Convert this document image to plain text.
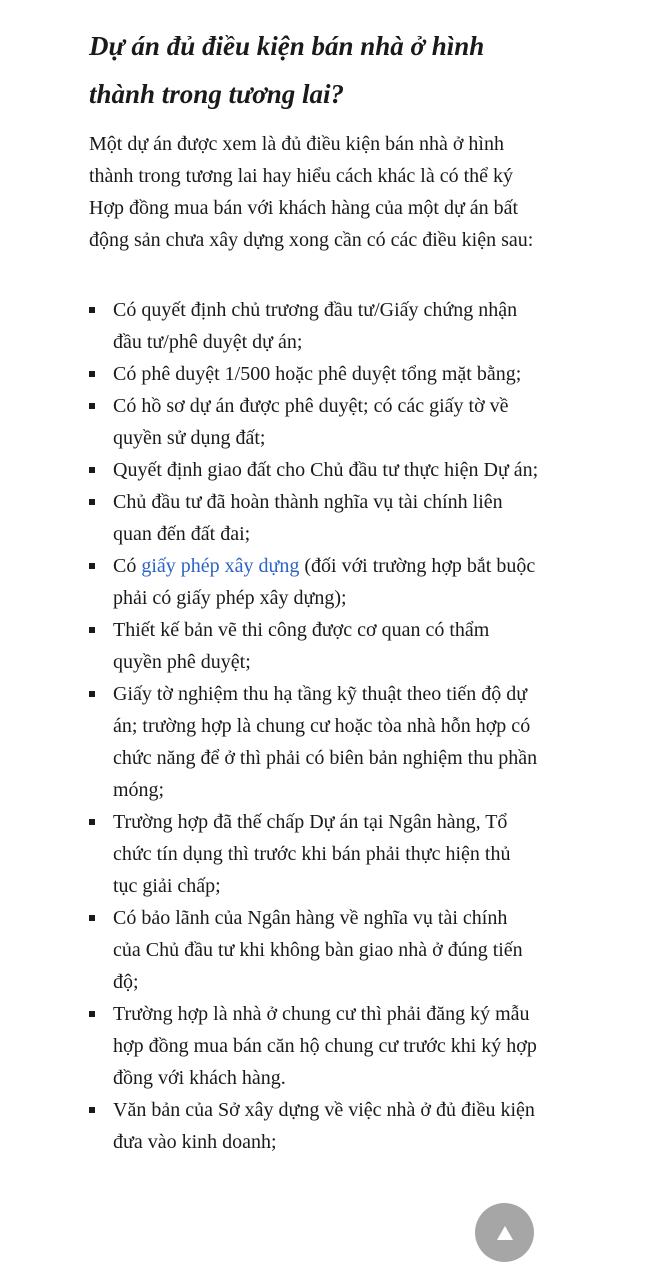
Dự án đủ điều kiện bán nhà ở hình thành trong tương lai?

Một dự án được xem là đủ điều kiện bán nhà ở hình thành trong tương lai hay hiểu cách khác là có thể ký Hợp đồng mua bán với khách hàng của một dự án bất động sản chưa xây dựng xong cần có các điều kiện sau:

Có quyết định chủ trương đầu tư/Giấy chứng nhận đầu tư/phê duyệt dự án;
Có phê duyệt 1/500 hoặc phê duyệt tổng mặt bằng;
Có hồ sơ dự án được phê duyệt; có các giấy tờ về quyền sử dụng đất;
Quyết định giao đất cho Chủ đầu tư thực hiện Dự án;
Chủ đầu tư đã hoàn thành nghĩa vụ tài chính liên quan đến đất đai;
Có giấy phép xây dựng (đối với trường hợp bắt buộc phải có giấy phép xây dựng);
Thiết kế bản vẽ thi công được cơ quan có thẩm quyền phê duyệt;
Giấy tờ nghiệm thu hạ tầng kỹ thuật theo tiến độ dự án; trường hợp là chung cư hoặc tòa nhà hỗn hợp có chức năng để ở thì phải có biên bản nghiệm thu phần móng;
Trường hợp đã thế chấp Dự án tại Ngân hàng, Tổ chức tín dụng thì trước khi bán phải thực hiện thủ tục giải chấp;
Có bảo lãnh của Ngân hàng về nghĩa vụ tài chính của Chủ đầu tư khi không bàn giao nhà ở đúng tiến độ;
Trường hợp là nhà ở chung cư thì phải đăng ký mẫu hợp đồng mua bán căn hộ chung cư trước khi ký hợp đồng với khách hàng.
Văn bản của Sở xây dựng về việc nhà ở đủ điều kiện đưa vào kinh doanh;
